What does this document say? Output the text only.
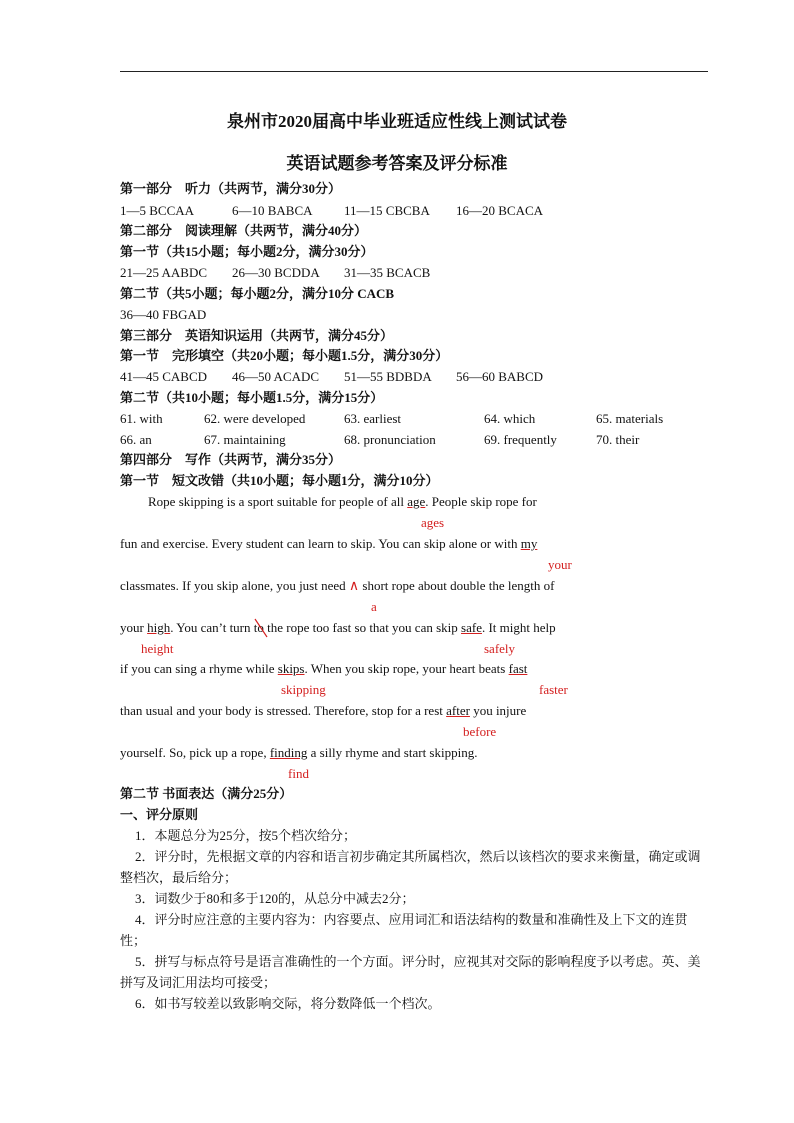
泉州市2020届高中毕业班适应性线上测试试卷
英语试题参考答案及评分标准
第一部分　听力（共两节，满分30分）
1—5 BCCAA	6—10 BABCA 11—15 CBCBA 16—20 BCACA
第二部分　阅读理解（共两节，满分40分）
第一节（共15小题；每小题2分，满分30分）
21—25 AABDC 26—30 BCDDA 31—35 BCACB
第二节（共5小题；每小题2分，满分10分 CACB
36—40 FBGAD
第三部分　英语知识运用（共两节，满分45分）
第一节　完形填空（共20小题；每小题1.5分，满分30分）
41—45 CABCD 46—50 ACADC 51—55 BDBDA 56—60 BABCD
第二节（共10小题；每小题1.5分，满分15分）
61. with	62. were developed	63. earliest	64. which	65. materials
66. an	67. maintaining	68. pronunciation	69. frequently	70. their
第四部分　写作（共两节，满分35分）
第一节　短文改错（共10小题；每小题1分，满分10分）
Rope skipping is a sport suitable for people of all age. People skip rope for
ages
fun and exercise. Every student can learn to skip. You can skip alone or with my
your
classmates. If you skip alone, you just need ∧ short rope about double the length of
a
your high. You can’t turn to
the rope too fast so that you can skip safe. It might help
height	safely
if you can sing a rhyme while skips. When you skip rope, your heart beats fast
skipping	faster
than usual and your body is stressed. Therefore, stop for a rest after you injure
before
yourself. So, pick up a rope, finding a silly rhyme and start skipping.
find
第二节 书面表达（满分25分）
一、评分原则
1．本题总分为25分，按5个档次给分；
2．评分时，先根据文章的内容和语言初步确定其所属档次，然后以该档次的要求来衡量，确定或调整档次，最后给分；
3．词数少于80和多于120的，从总分中减去2分；
4．评分时应注意的主要内容为：内容要点、应用词汇和语法结构的数量和准确性及上下文的连贯性；
5．拼写与标点符号是语言准确性的一个方面。评分时，应视其对交际的影响程度予以考虑。英、美拼写及词汇用法均可接受；
6．如书写较差以致影响交际，将分数降低一个档次。
